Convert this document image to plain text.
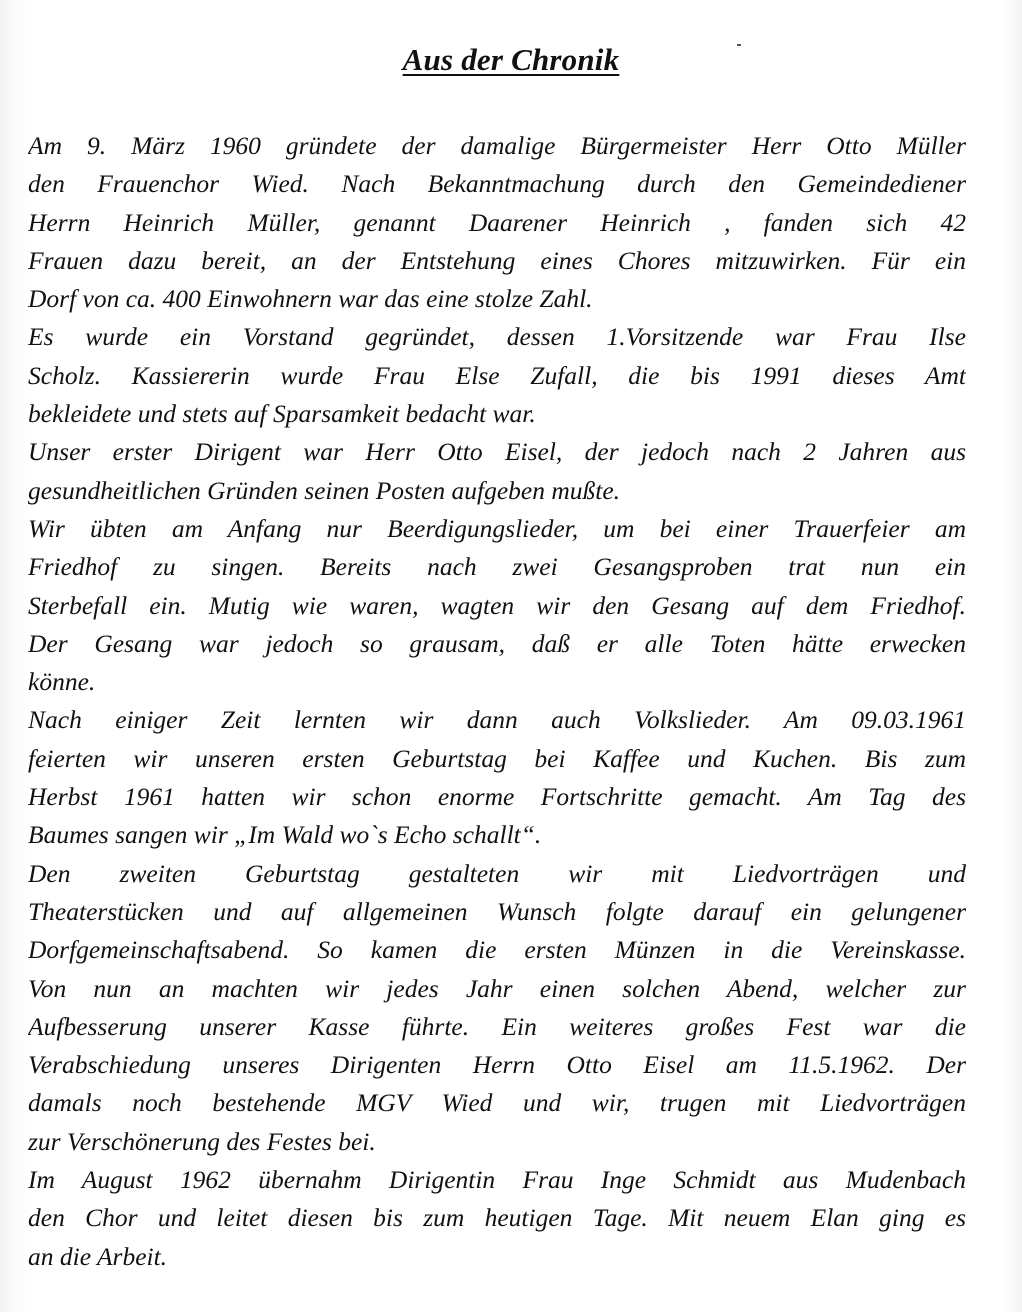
Aus der Chronik
Am 9. März 1960 gründete der damalige Bürgermeister Herr Otto Müller
den Frauenchor Wied. Nach Bekanntmachung durch den Gemeindediener
Herrn Heinrich Müller, genannt Daarener Heinrich , fanden sich 42
Frauen dazu bereit, an der Entstehung eines Chores mitzuwirken. Für ein
Dorf von ca. 400 Einwohnern war das eine stolze Zahl.
Es wurde ein Vorstand gegründet, dessen 1.Vorsitzende war Frau Ilse
Scholz. Kassiererin wurde Frau Else Zufall, die bis 1991 dieses Amt
bekleidete und stets auf Sparsamkeit bedacht war.
Unser erster Dirigent war Herr Otto Eisel, der jedoch nach 2 Jahren aus
gesundheitlichen Gründen seinen Posten aufgeben mußte.
Wir übten am Anfang nur Beerdigungslieder, um bei einer Trauerfeier am
Friedhof zu singen. Bereits nach zwei Gesangsproben trat nun ein
Sterbefall ein. Mutig wie waren, wagten wir den Gesang auf dem Friedhof.
Der Gesang war jedoch so grausam, daß er alle Toten hätte erwecken
könne.
Nach einiger Zeit lernten wir dann auch Volkslieder. Am 09.03.1961
feierten wir unseren ersten Geburtstag bei Kaffee und Kuchen. Bis zum
Herbst 1961 hatten wir schon enorme Fortschritte gemacht. Am Tag des
Baumes sangen wir „Im Wald wo`s Echo schallt“.
Den zweiten Geburtstag gestalteten wir mit Liedvorträgen und
Theaterstücken und auf allgemeinen Wunsch folgte darauf ein gelungener
Dorfgemeinschaftsabend. So kamen die ersten Münzen in die Vereinskasse.
Von nun an machten wir jedes Jahr einen solchen Abend, welcher zur
Aufbesserung unserer Kasse führte. Ein weiteres großes Fest war die
Verabschiedung unseres Dirigenten Herrn Otto Eisel am 11.5.1962. Der
damals noch bestehende MGV Wied und wir, trugen mit Liedvorträgen
zur Verschönerung des Festes bei.
Im August 1962 übernahm Dirigentin Frau Inge Schmidt aus Mudenbach
den Chor und leitet diesen bis zum heutigen Tage. Mit neuem Elan ging es
an die Arbeit.
